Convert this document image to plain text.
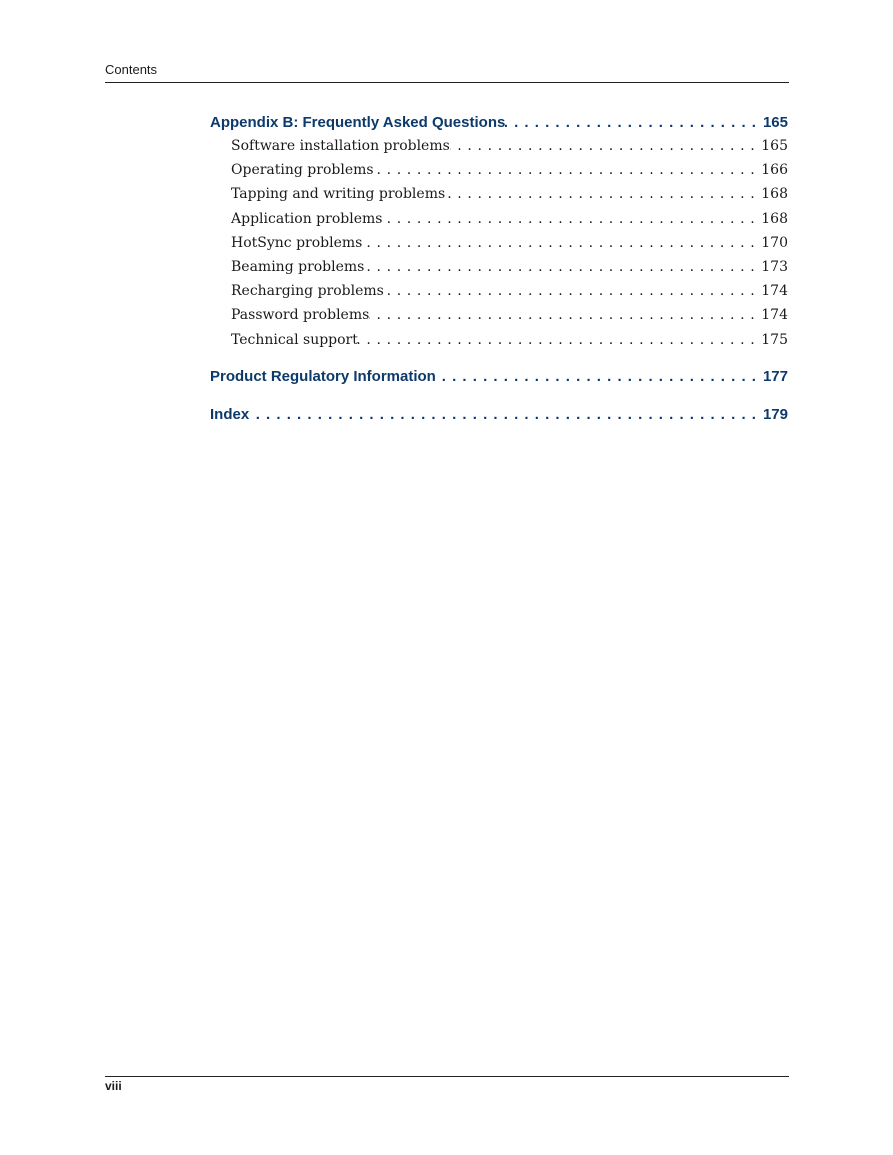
Contents
Appendix B: Frequently Asked Questions . . .	165
Software installation problems . . .	165
Operating problems . . .	166
Tapping and writing problems . . .	168
Application problems . . .	168
HotSync problems . . .	170
Beaming problems . . .	173
Recharging problems . . .	174
Password problems . . .	174
Technical support . . .	175
Product Regulatory Information . . .	177
Index . . .	179
viii
